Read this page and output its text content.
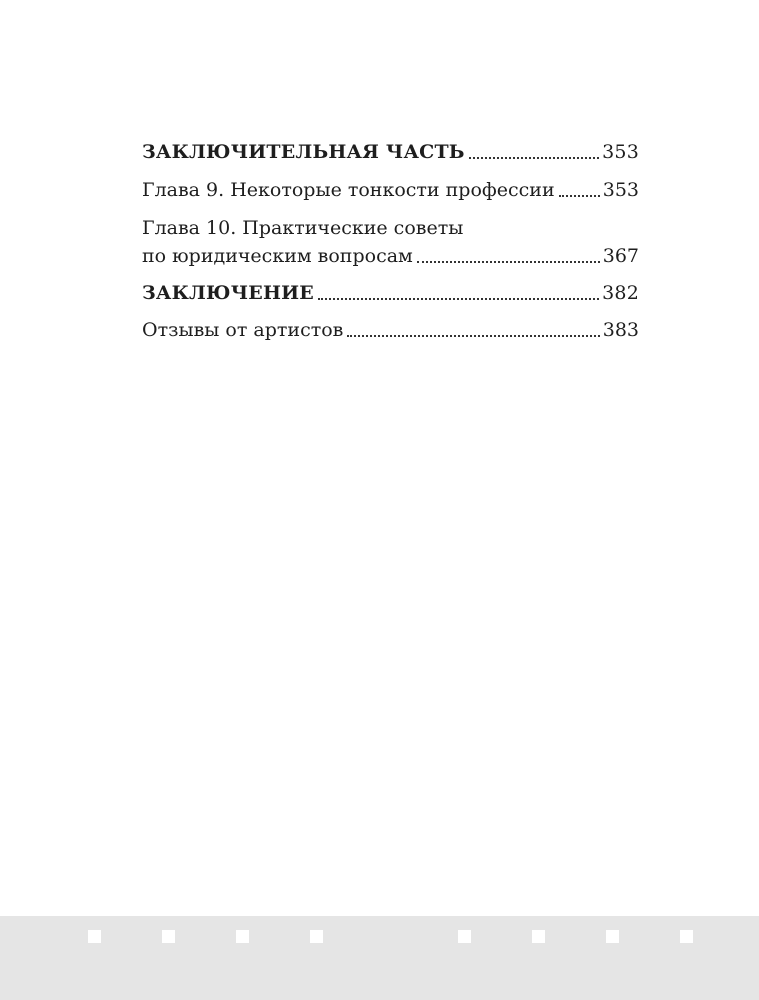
ЗАКЛЮЧИТЕЛЬНАЯ ЧАСТЬ	353
Глава 9. Некоторые тонкости профессии	353
Глава 10. Практические советы
по юридическим вопросам	367
ЗАКЛЮЧЕНИЕ	382
Отзывы от артистов	383
